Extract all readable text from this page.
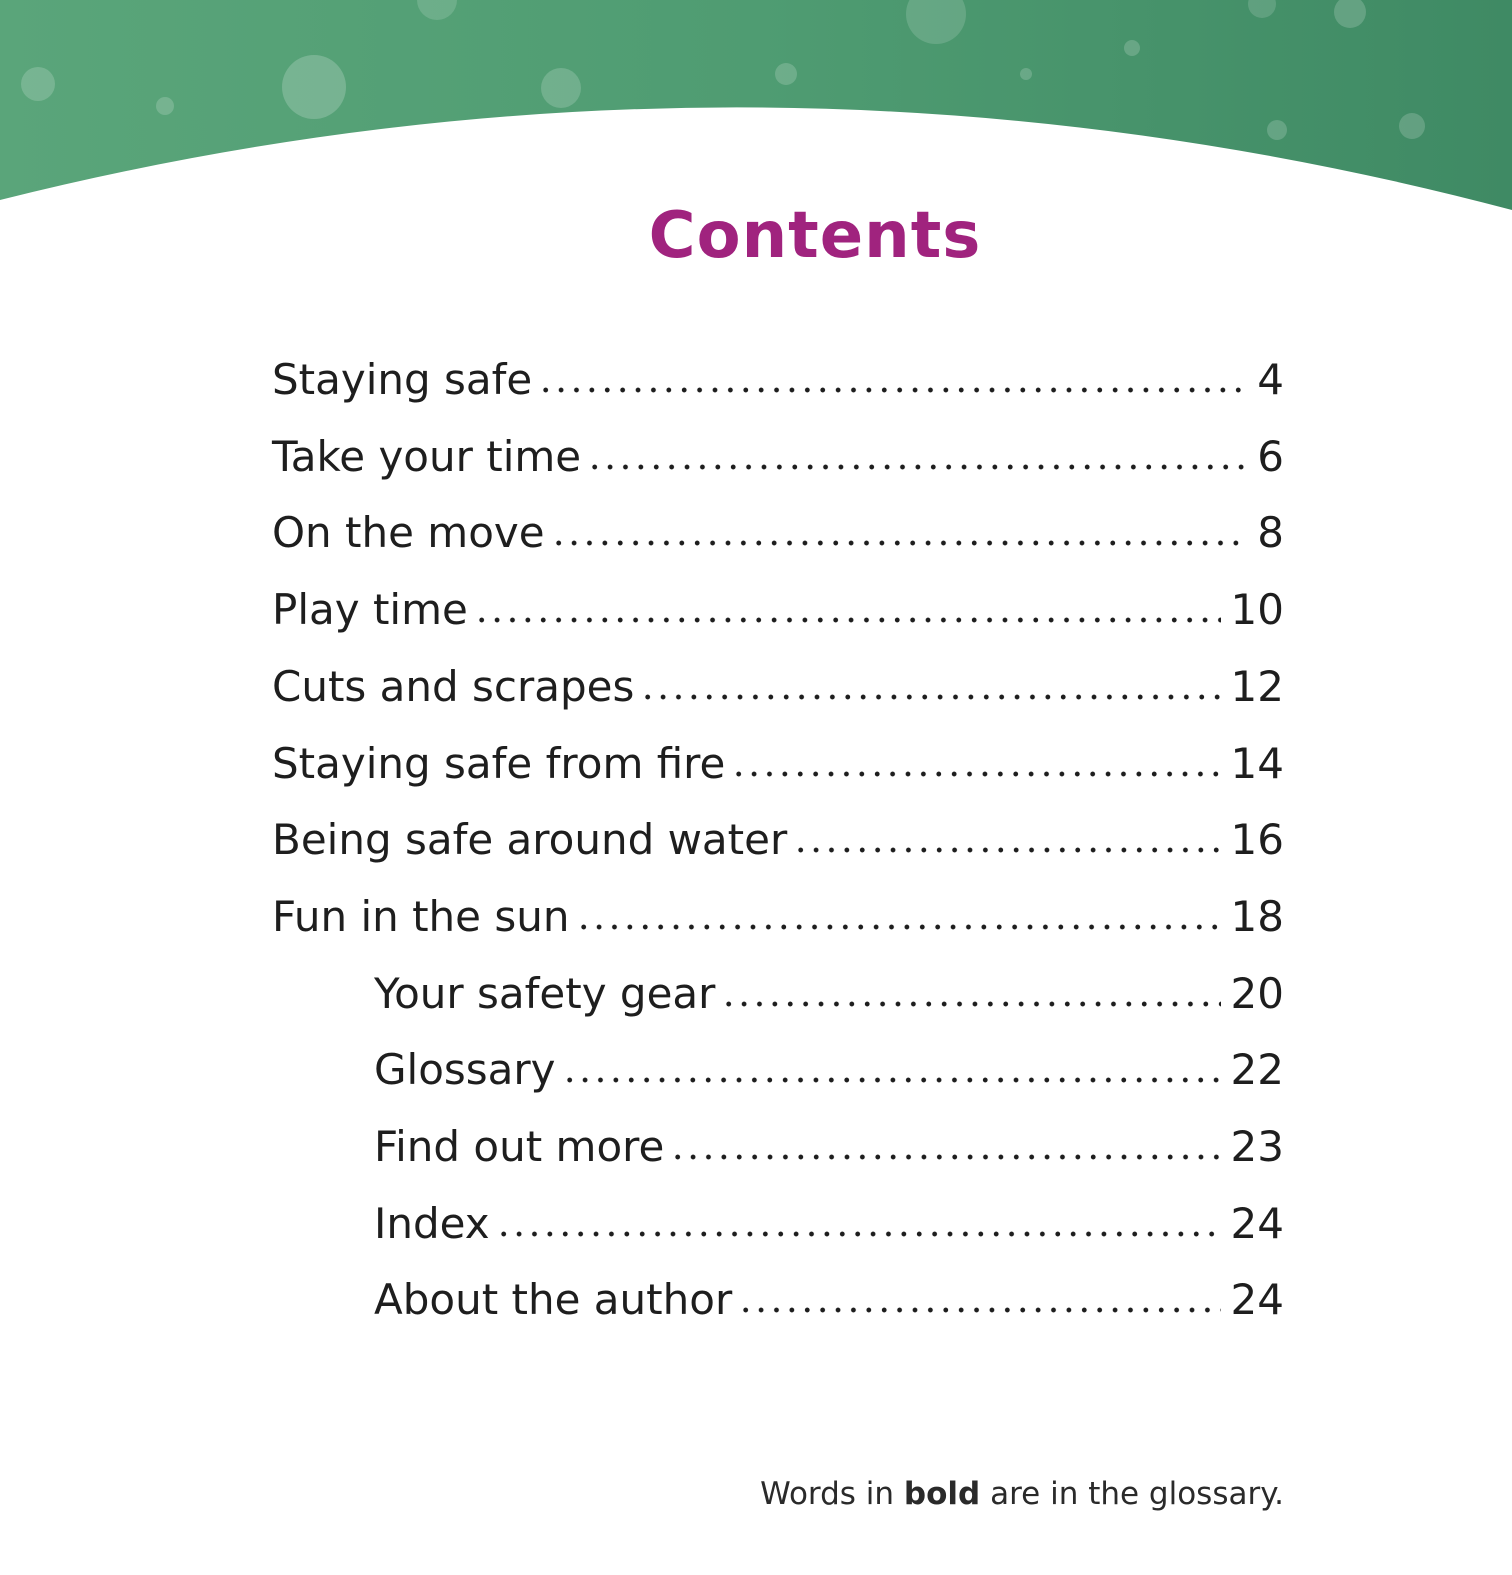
Contents
Staying safe	4
Take your time	6
On the move	8
Play time	10
Cuts and scrapes	12
Staying safe from fire	14
Being safe around water	16
Fun in the sun	18
Your safety gear	20
Glossary	22
Find out more	23
Index	24
About the author	24
Words in bold are in the glossary.
